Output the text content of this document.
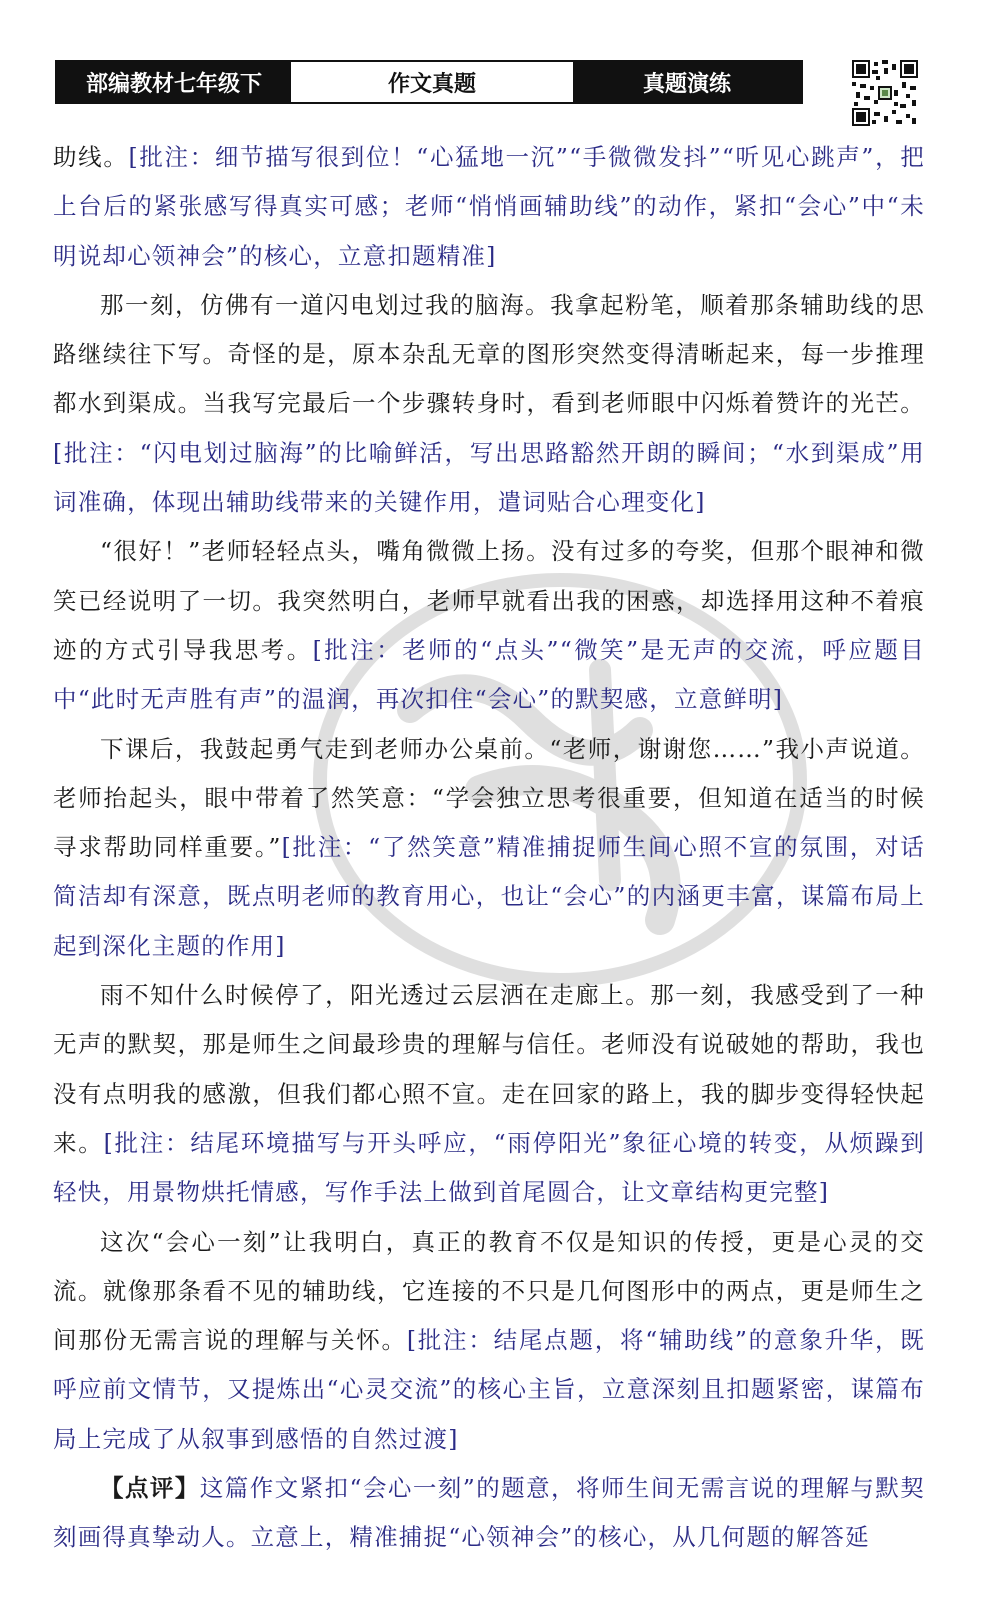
部编教材七年级下	作文真题	真题演练

助线。[批注：细节描写很到位！“心猛地一沉”“手微微发抖”“听见心跳声”，把上台后的紧张感写得真实可感；老师“悄悄画辅助线”的动作，紧扣“会心”中“未明说却心领神会”的核心，立意扣题精准]

那一刻，仿佛有一道闪电划过我的脑海。我拿起粉笔，顺着那条辅助线的思路继续往下写。奇怪的是，原本杂乱无章的图形突然变得清晰起来，每一步推理都水到渠成。当我写完最后一个步骤转身时，看到老师眼中闪烁着赞许的光芒。[批注：“闪电划过脑海”的比喻鲜活，写出思路豁然开朗的瞬间；“水到渠成”用词准确，体现出辅助线带来的关键作用，遣词贴合心理变化]

“很好！”老师轻轻点头，嘴角微微上扬。没有过多的夸奖，但那个眼神和微笑已经说明了一切。我突然明白，老师早就看出我的困惑，却选择用这种不着痕迹的方式引导我思考。[批注：老师的“点头”“微笑”是无声的交流，呼应题目中“此时无声胜有声”的温润，再次扣住“会心”的默契感，立意鲜明]

下课后，我鼓起勇气走到老师办公桌前。“老师，谢谢您……”我小声说道。老师抬起头，眼中带着了然笑意：“学会独立思考很重要，但知道在适当的时候寻求帮助同样重要。”[批注：“了然笑意”精准捕捉师生间心照不宣的氛围，对话简洁却有深意，既点明老师的教育用心，也让“会心”的内涵更丰富，谋篇布局上起到深化主题的作用]

雨不知什么时候停了，阳光透过云层洒在走廊上。那一刻，我感受到了一种无声的默契，那是师生之间最珍贵的理解与信任。老师没有说破她的帮助，我也没有点明我的感激，但我们都心照不宣。走在回家的路上，我的脚步变得轻快起来。[批注：结尾环境描写与开头呼应，“雨停阳光”象征心境的转变，从烦躁到轻快，用景物烘托情感，写作手法上做到首尾圆合，让文章结构更完整]

这次“会心一刻”让我明白，真正的教育不仅是知识的传授，更是心灵的交流。就像那条看不见的辅助线，它连接的不只是几何图形中的两点，更是师生之间那份无需言说的理解与关怀。[批注：结尾点题，将“辅助线”的意象升华，既呼应前文情节，又提炼出“心灵交流”的核心主旨，立意深刻且扣题紧密，谋篇布局上完成了从叙事到感悟的自然过渡]

【点评】这篇作文紧扣“会心一刻”的题意，将师生间无需言说的理解与默契刻画得真挚动人。立意上，精准捕捉“心领神会”的核心，从几何题的解答延
